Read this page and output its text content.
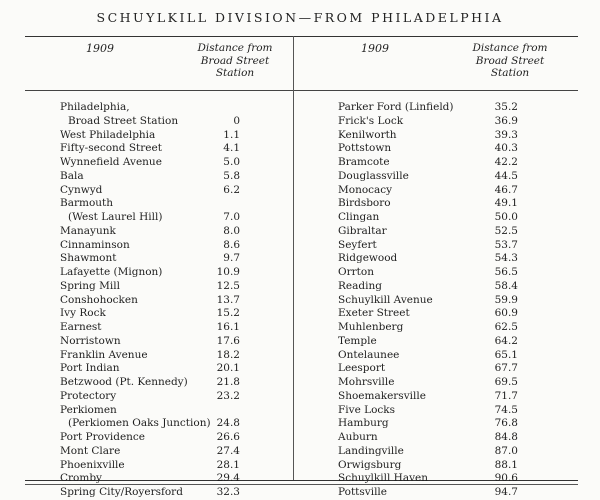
SCHUYLKILL DIVISION—FROM PHILADELPHIA
1909	Distance from Broad Street Station
1909	Distance from Broad Street Station
Philadelphia,
Broad Street Station	0
West Philadelphia	1.1
Fifty-second Street	4.1
Wynnefield Avenue	5.0
Bala	5.8
Cynwyd	6.2
Barmouth
(West Laurel Hill)	7.0
Manayunk	8.0
Cinnaminson	8.6
Shawmont	9.7
Lafayette (Mignon)	10.9
Spring Mill	12.5
Conshohocken	13.7
Ivy Rock	15.2
Earnest	16.1
Norristown	17.6
Franklin Avenue	18.2
Port Indian	20.1
Betzwood (Pt. Kennedy)	21.8
Protectory	23.2
Perkiomen
(Perkiomen Oaks Junction) 24.8
Port Providence	26.6
Mont Clare	27.4
Phoenixville	28.1
Cromby	29.4
Spring City/Royersford	32.3
Parker Ford (Linfield)	35.2
Frick's Lock	36.9
Kenilworth	39.3
Pottstown	40.3
Bramcote	42.2
Douglassville	44.5
Monocacy	46.7
Birdsboro	49.1
Clingan	50.0
Gibraltar	52.5
Seyfert	53.7
Ridgewood	54.3
Orrton	56.5
Reading	58.4
Schuylkill Avenue	59.9
Exeter Street	60.9
Muhlenberg	62.5
Temple	64.2
Ontelaunee	65.1
Leesport	67.7
Mohrsville	69.5
Shoemakersville	71.7
Five Locks	74.5
Hamburg	76.8
Auburn	84.8
Landingville	87.0
Orwigsburg	88.1
Schuylkill Haven	90.6
Pottsville	94.7
